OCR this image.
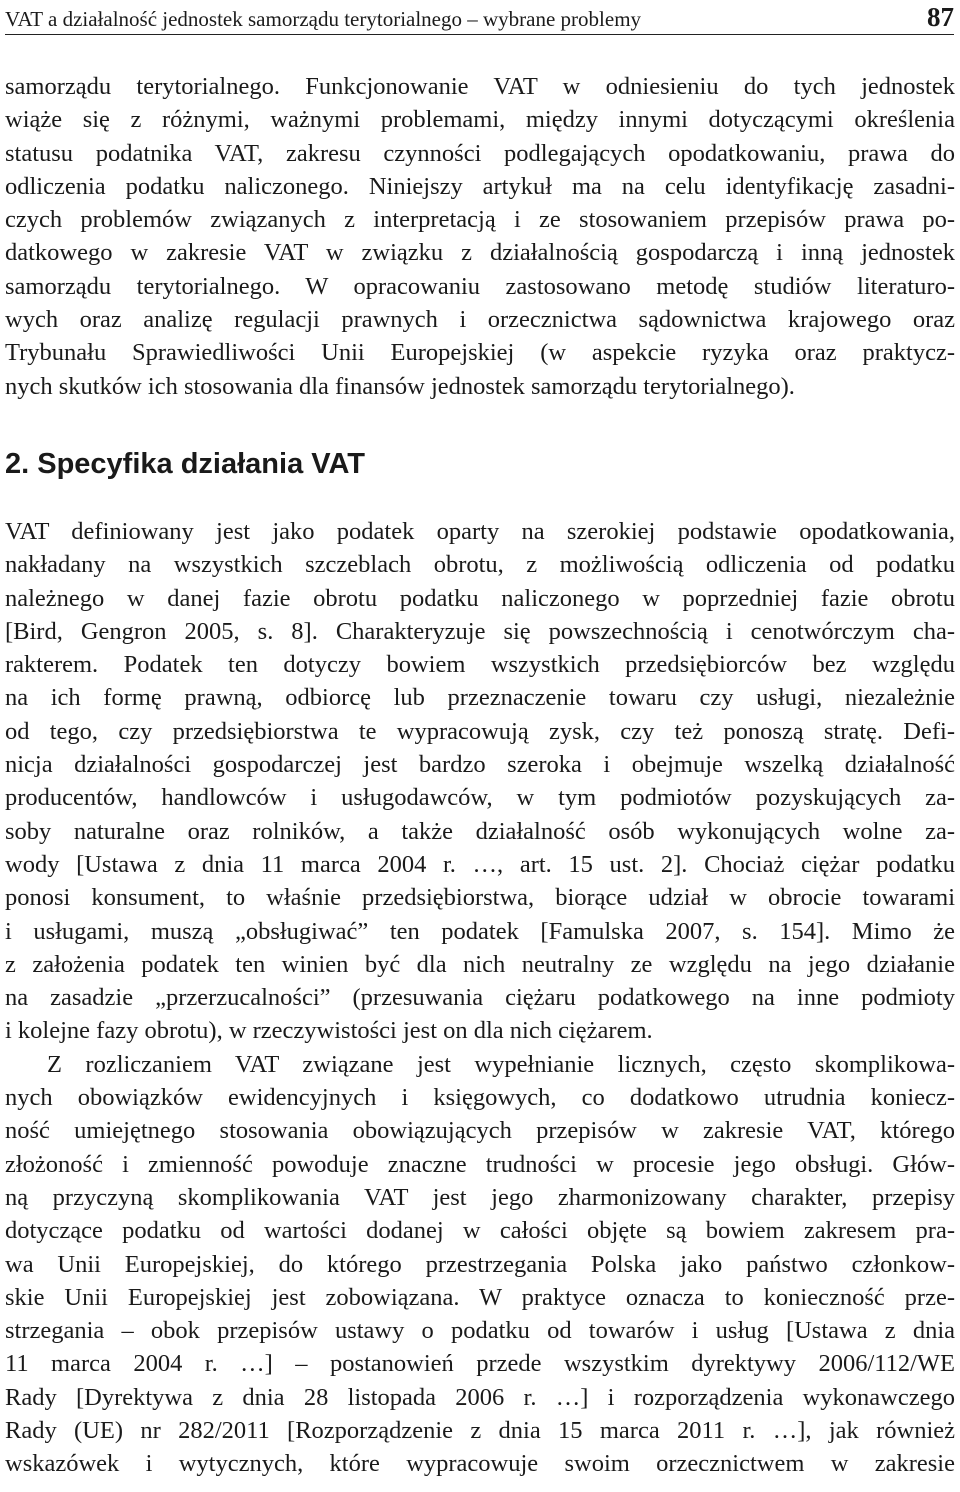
VAT a działalność jednostek samorządu terytorialnego – wybrane problemy	87
samorządu terytorialnego. Funkcjonowanie VAT w odniesieniu do tych jednostek
wiąże się z różnymi, ważnymi problemami, między innymi dotyczącymi określenia
statusu podatnika VAT, zakresu czynności podlegających opodatkowaniu, prawa do
odliczenia podatku naliczonego. Niniejszy artykuł ma na celu identyfikację zasadni-
czych problemów związanych z interpretacją i ze stosowaniem przepisów prawa po-
datkowego w zakresie VAT w związku z działalnością gospodarczą i inną jednostek
samorządu terytorialnego. W opracowaniu zastosowano metodę studiów literaturo-
wych oraz analizę regulacji prawnych i orzecznictwa sądownictwa krajowego oraz
Trybunału Sprawiedliwości Unii Europejskiej (w aspekcie ryzyka oraz praktycz-
nych skutków ich stosowania dla finansów jednostek samorządu terytorialnego).
2. Specyfika działania VAT
VAT definiowany jest jako podatek oparty na szerokiej podstawie opodatkowania,
nakładany na wszystkich szczeblach obrotu, z możliwością odliczenia od podatku
należnego w danej fazie obrotu podatku naliczonego w poprzedniej fazie obrotu
[Bird, Gengron 2005, s. 8]. Charakteryzuje się powszechnością i cenotwórczym cha-
rakterem. Podatek ten dotyczy bowiem wszystkich przedsiębiorców bez względu
na ich formę prawną, odbiorcę lub przeznaczenie towaru czy usługi, niezależnie
od tego, czy przedsiębiorstwa te wypracowują zysk, czy też ponoszą stratę. Defi-
nicja działalności gospodarczej jest bardzo szeroka i obejmuje wszelką działalność
producentów, handlowców i usługodawców, w tym podmiotów pozyskujących za-
soby naturalne oraz rolników, a także działalność osób wykonujących wolne za-
wody [Ustawa z dnia 11 marca 2004 r. …, art. 15 ust. 2]. Chociaż ciężar podatku
ponosi konsument, to właśnie przedsiębiorstwa, biorące udział w obrocie towarami
i usługami, muszą „obsługiwać” ten podatek [Famulska 2007, s. 154]. Mimo że
z założenia podatek ten winien być dla nich neutralny ze względu na jego działanie
na zasadzie „przerzucalności” (przesuwania ciężaru podatkowego na inne podmioty
i kolejne fazy obrotu), w rzeczywistości jest on dla nich ciężarem.
Z rozliczaniem VAT związane jest wypełnianie licznych, często skomplikowa-
nych obowiązków ewidencyjnych i księgowych, co dodatkowo utrudnia koniecz-
ność umiejętnego stosowania obowiązujących przepisów w zakresie VAT, którego
złożoność i zmienność powoduje znaczne trudności w procesie jego obsługi. Głów-
ną przyczyną skomplikowania VAT jest jego zharmonizowany charakter, przepisy
dotyczące podatku od wartości dodanej w całości objęte są bowiem zakresem pra-
wa Unii Europejskiej, do którego przestrzegania Polska jako państwo członkow-
skie Unii Europejskiej jest zobowiązana. W praktyce oznacza to konieczność prze-
strzegania – obok przepisów ustawy o podatku od towarów i usług [Ustawa z dnia
11 marca 2004 r. …] – postanowień przede wszystkim dyrektywy 2006/112/WE
Rady [Dyrektywa z dnia 28 listopada 2006 r. …] i rozporządzenia wykonawczego
Rady (UE) nr 282/2011 [Rozporządzenie z dnia 15 marca 2011 r. …], jak również
wskazówek i wytycznych, które wypracowuje swoim orzecznictwem w zakresie
